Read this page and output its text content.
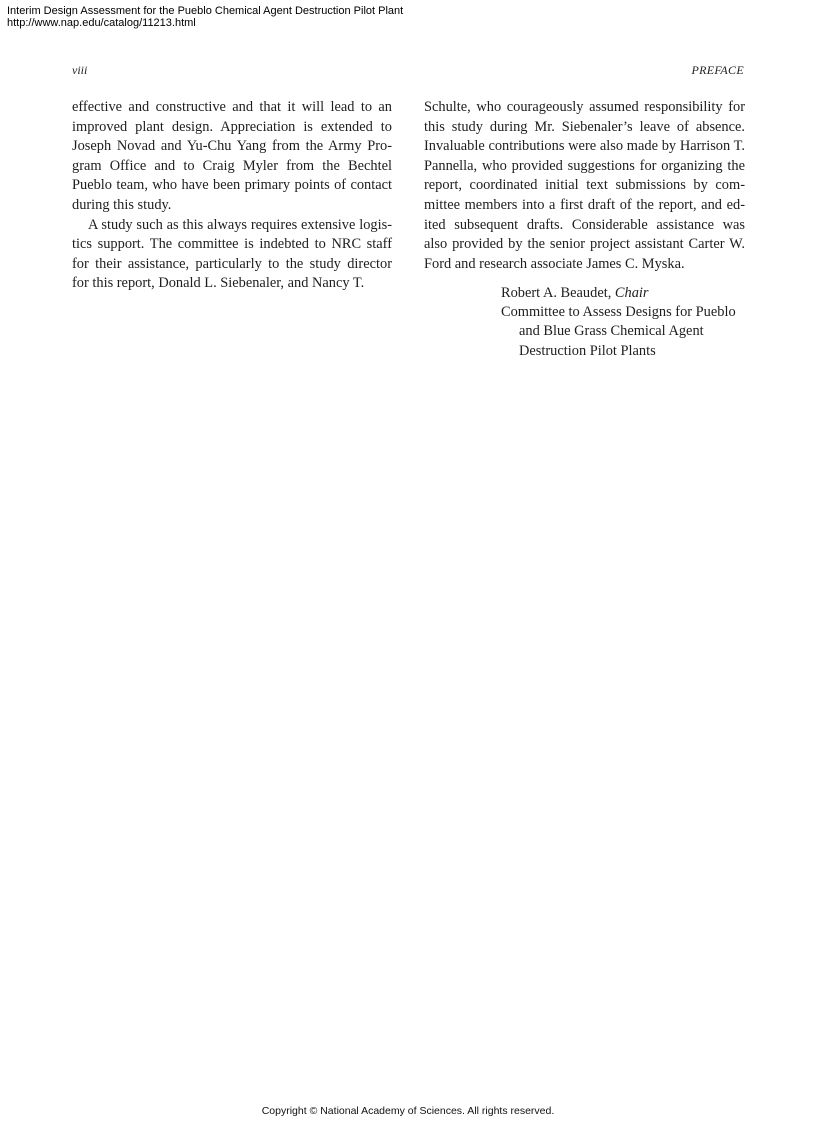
Interim Design Assessment for the Pueblo Chemical Agent Destruction Pilot Plant
http://www.nap.edu/catalog/11213.html
viii	PREFACE

effective and constructive and that it will lead to an improved plant design. Appreciation is extended to Joseph Novad and Yu-Chu Yang from the Army Program Office and to Craig Myler from the Bechtel Pueblo team, who have been primary points of contact during this study.

A study such as this always requires extensive logistics support. The committee is indebted to NRC staff for their assistance, particularly to the study director for this report, Donald L. Siebenaler, and Nancy T.

Schulte, who courageously assumed responsibility for this study during Mr. Siebenaler’s leave of absence. Invaluable contributions were also made by Harrison T. Pannella, who provided suggestions for organizing the report, coordinated initial text submissions by committee members into a first draft of the report, and edited subsequent drafts. Considerable assistance was also provided by the senior project assistant Carter W. Ford and research associate James C. Myska.

Robert A. Beaudet, Chair
Committee to Assess Designs for Pueblo
and Blue Grass Chemical Agent
Destruction Pilot Plants
Copyright © National Academy of Sciences. All rights reserved.
